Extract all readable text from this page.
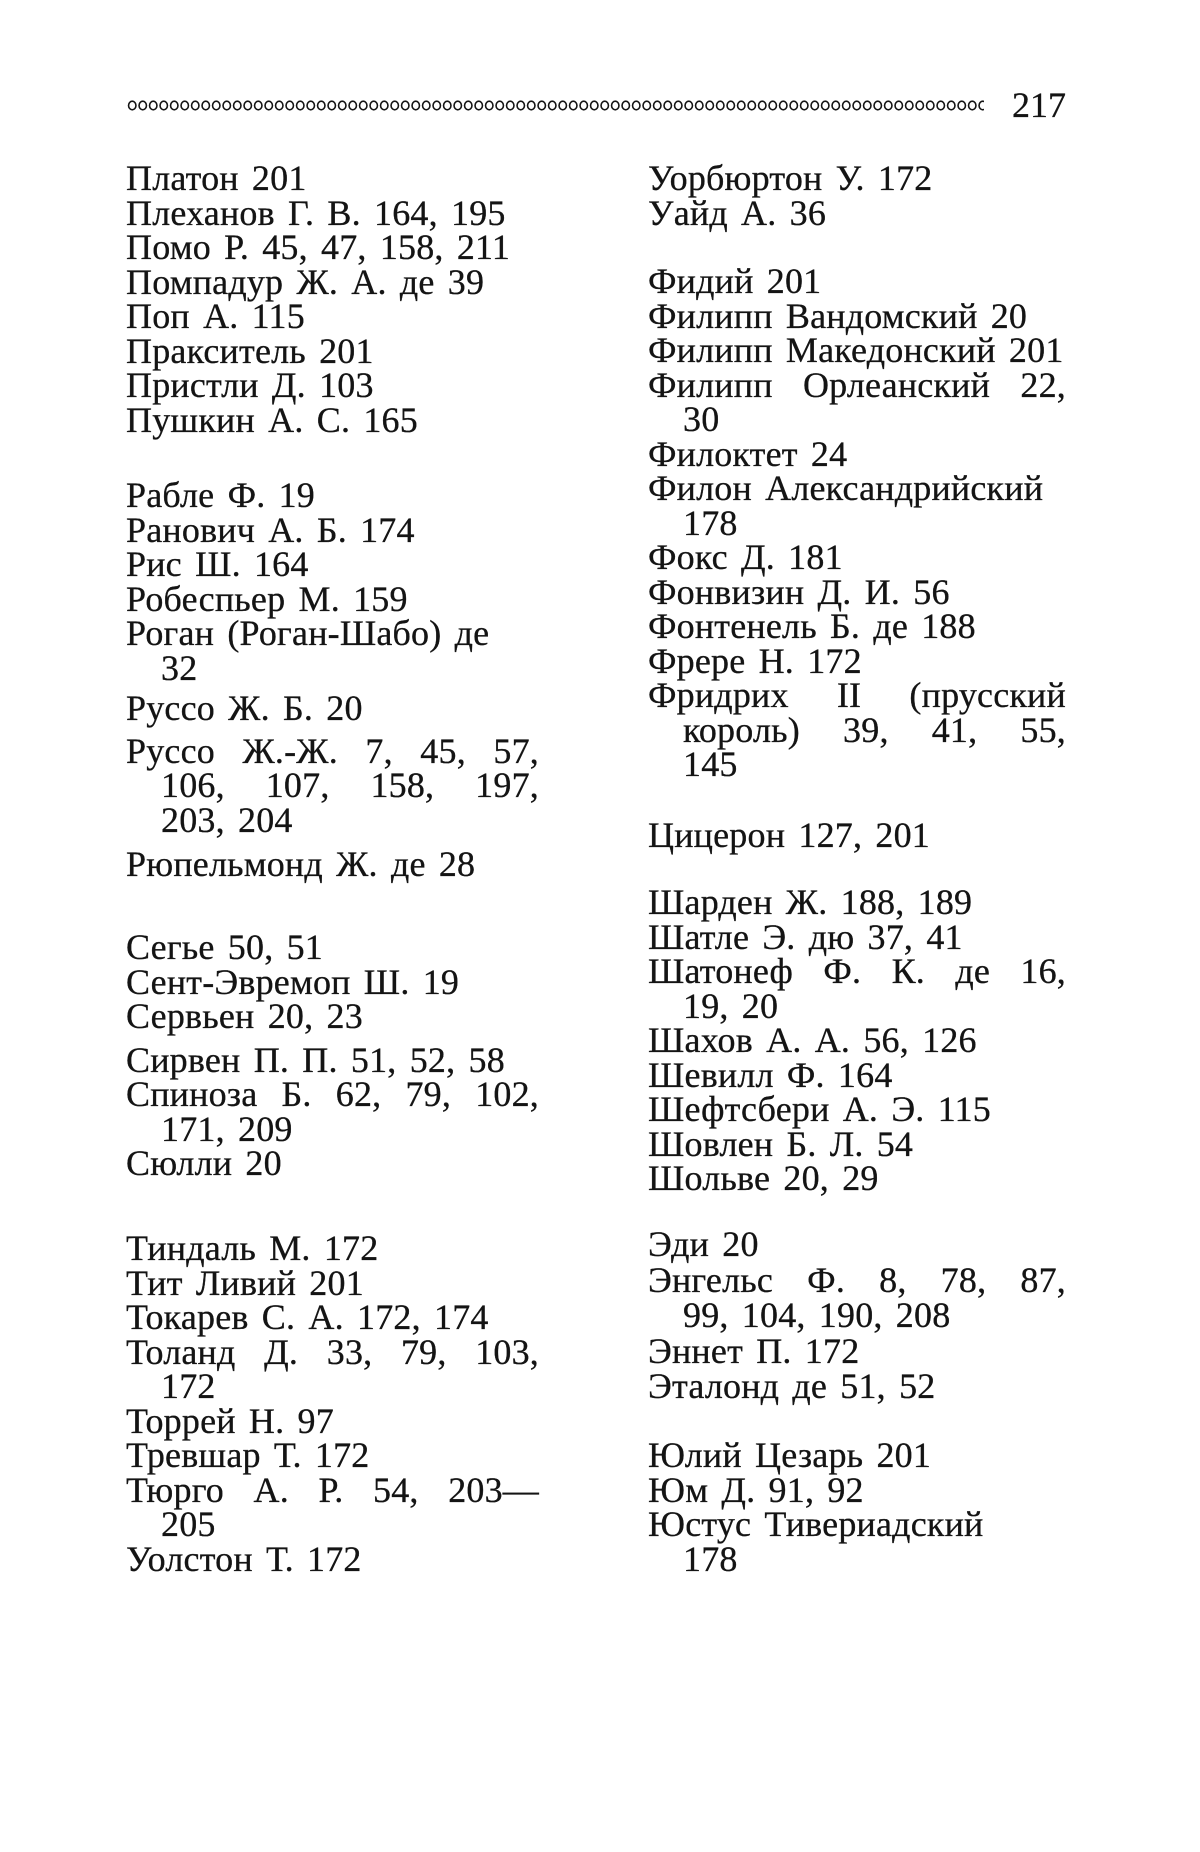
217
Платон 201
Плеханов Г. В. 164, 195
Помо Р. 45, 47, 158, 211
Помпадур Ж. А. де 39
Поп А. 115
Пракситель 201
Пристли Д. 103
Пушкин А. С. 165
Рабле Ф. 19
Ранович А. Б. 174
Рис Ш. 164
Робеспьер М. 159
Роган (Роган-Шабо) де
32
Руссо Ж. Б. 20
Руссо Ж.-Ж. 7, 45, 57,
106, 107, 158, 197,
203, 204
Рюпельмонд Ж. де 28
Сегье 50, 51
Сент-Эвремоп Ш. 19
Сервьен 20, 23
Сирвен П. П. 51, 52, 58
Спиноза Б. 62, 79, 102,
171, 209
Сюлли 20
Тиндаль М. 172
Тит Ливий 201
Токарев С. А. 172, 174
Толанд Д. 33, 79, 103,
172
Торрей Н. 97
Тревшар Т. 172
Тюрго А. Р. 54, 203—
205
Уолстон Т. 172
Уорбюртон У. 172
Уайд А. 36
Фидий 201
Филипп Вандомский 20
Филипп Македонский 201
Филипп Орлеанский 22,
30
Филоктет 24
Филон Александрийский
178
Фокс Д. 181
Фонвизин Д. И. 56
Фонтенель Б. де 188
Фрере Н. 172
Фридрих II (прусский
король) 39, 41, 55,
145
Цицерон 127, 201
Шарден Ж. 188, 189
Шатле Э. дю 37, 41
Шатонеф Ф. К. де 16,
19, 20
Шахов А. А. 56, 126
Шевилл Ф. 164
Шефтсбери А. Э. 115
Шовлен Б. Л. 54
Шольве 20, 29
Эди 20
Энгельс Ф. 8, 78, 87,
99, 104, 190, 208
Эннет П. 172
Эталонд де 51, 52
Юлий Цезарь 201
Юм Д. 91, 92
Юстус Тивериадский
178
